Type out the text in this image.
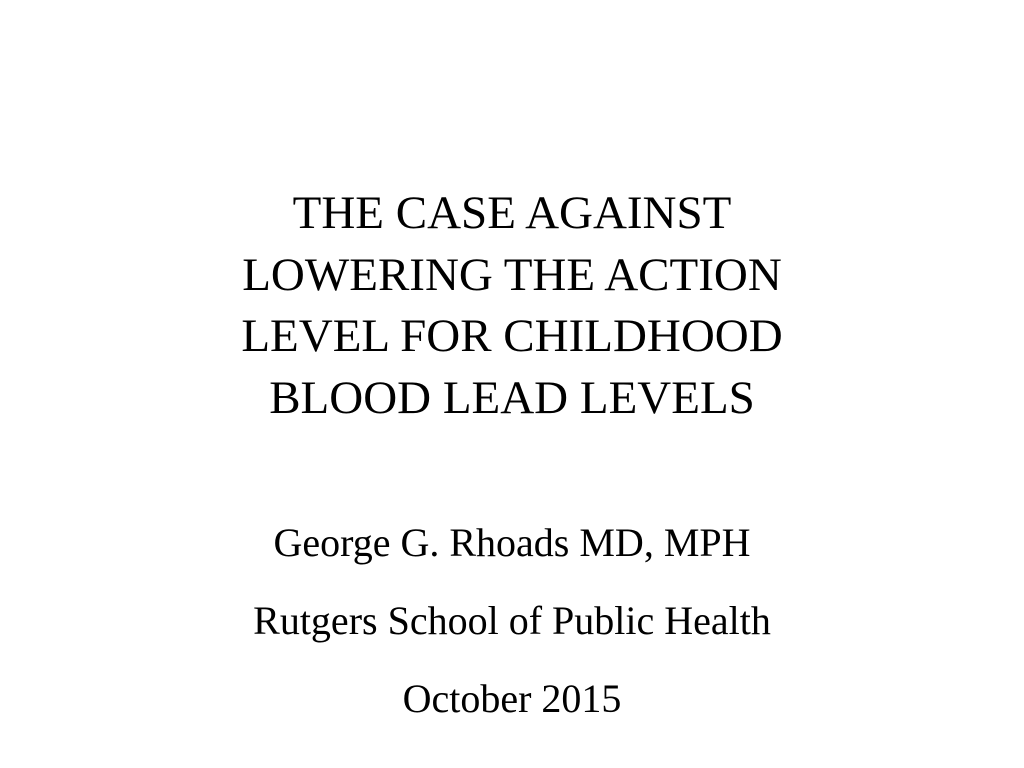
THE CASE AGAINST
LOWERING THE ACTION
LEVEL FOR CHILDHOOD
BLOOD LEAD LEVELS
George G. Rhoads MD, MPH
Rutgers School of Public Health
October 2015
